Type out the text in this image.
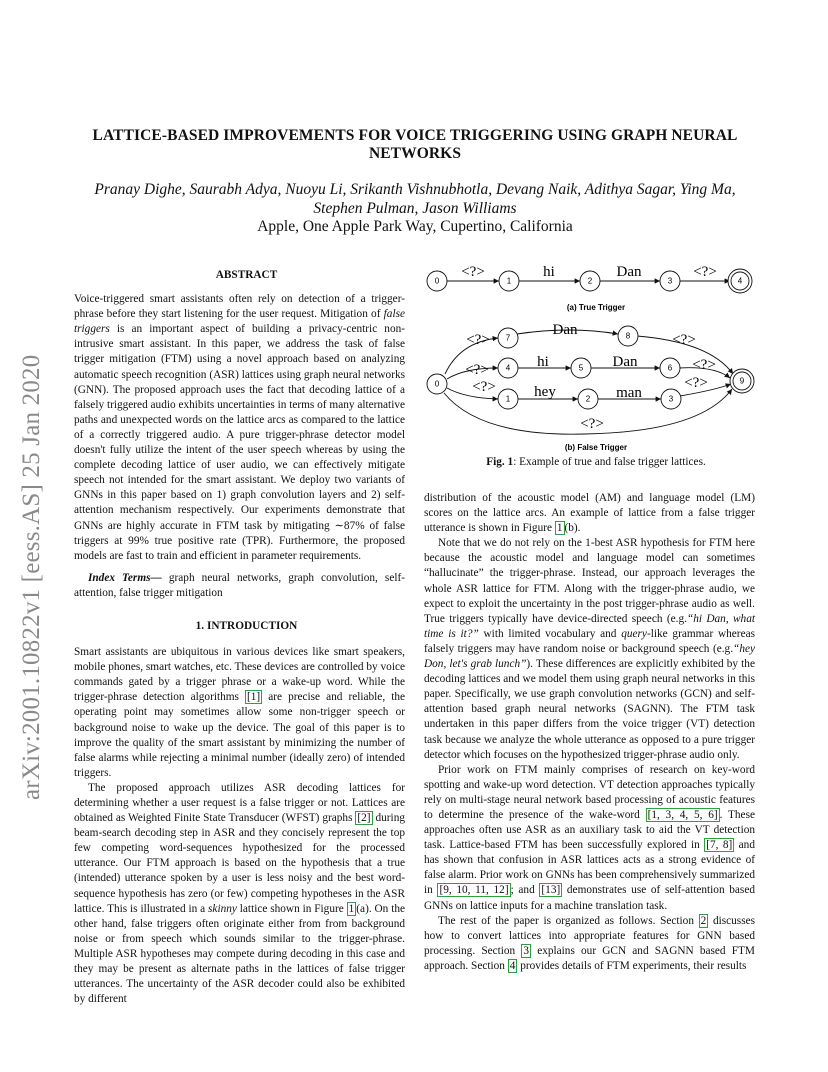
arXiv:2001.10822v1 [eess.AS] 25 Jan 2020
LATTICE-BASED IMPROVEMENTS FOR VOICE TRIGGERING USING GRAPH NEURAL NETWORKS
Pranay Dighe, Saurabh Adya, Nuoyu Li, Srikanth Vishnubhotla, Devang Naik, Adithya Sagar, Ying Ma, Stephen Pulman, Jason Williams
Apple, One Apple Park Way, Cupertino, California

ABSTRACT

Voice-triggered smart assistants often rely on detection of a trigger-phrase before they start listening for the user request. Mitigation of false triggers is an important aspect of building a privacy-centric non-intrusive smart assistant. In this paper, we address the task of false trigger mitigation (FTM) using a novel approach based on analyzing automatic speech recognition (ASR) lattices using graph neural networks (GNN). The proposed approach uses the fact that decoding lattice of a falsely triggered audio exhibits uncertainties in terms of many alternative paths and unexpected words on the lattice arcs as compared to the lattice of a correctly triggered audio. A pure trigger-phrase detector model doesn't fully utilize the intent of the user speech whereas by using the complete decoding lattice of user audio, we can effectively mitigate speech not intended for the smart assistant. We deploy two variants of GNNs in this paper based on 1) graph convolution layers and 2) self-attention mechanism respectively. Our experiments demonstrate that GNNs are highly accurate in FTM task by mitigating ∼87% of false triggers at 99% true positive rate (TPR). Furthermore, the proposed models are fast to train and efficient in parameter requirements.

Index Terms— graph neural networks, graph convolution, self-attention, false trigger mitigation

1. INTRODUCTION

Smart assistants are ubiquitous in various devices like smart speakers, mobile phones, smart watches, etc. These devices are controlled by voice commands gated by a trigger phrase or a wake-up word. While the trigger-phrase detection algorithms [1] are precise and reliable, the operating point may sometimes allow some non-trigger speech or background noise to wake up the device. The goal of this paper is to improve the quality of the smart assistant by minimizing the number of false alarms while rejecting a minimal number (ideally zero) of intended triggers.

The proposed approach utilizes ASR decoding lattices for determining whether a user request is a false trigger or not. Lattices are obtained as Weighted Finite State Transducer (WFST) graphs [2] during beam-search decoding step in ASR and they concisely represent the top few competing word-sequences hypothesized for the processed utterance. Our FTM approach is based on the hypothesis that a true (intended) utterance spoken by a user is less noisy and the best word-sequence hypothesis has zero (or few) competing hypotheses in the ASR lattice. This is illustrated in a skinny lattice shown in Figure 1 (a). On the other hand, false triggers often originate either from from background noise or from speech which sounds similar to the trigger-phrase. Multiple ASR hypotheses may compete during decoding in this case and they may be present as alternate paths in the lattices of false trigger utterances. The uncertainty of the ASR decoder could also be exhibited by different

<?>	hi	Dan	<?>
0	1	2	3	4
(a) True Trigger
<?>
Dan
<?>
<?>	hi	Dan	<?>
<?>	hey	man
<?>
<?>
0
7	8
4	5	6
1	2	3
9
(b) False Trigger
Fig. 1: Example of true and false trigger lattices.

distribution of the acoustic model (AM) and language model (LM) scores on the lattice arcs. An example of lattice from a false trigger utterance is shown in Figure 1 (b).

Note that we do not rely on the 1-best ASR hypothesis for FTM here because the acoustic model and language model can sometimes “hallucinate” the trigger-phrase. Instead, our approach leverages the whole ASR lattice for FTM. Along with the trigger-phrase audio, we expect to exploit the uncertainty in the post trigger-phrase audio as well. True triggers typically have device-directed speech (e.g.“hi Dan, what time is it?” with limited vocabulary and query-like grammar whereas falsely triggers may have random noise or background speech (e.g.“hey Don, let's grab lunch”). These differences are explicitly exhibited by the decoding lattices and we model them using graph neural networks in this paper. Specifically, we use graph convolution networks (GCN) and self-attention based graph neural networks (SAGNN). The FTM task undertaken in this paper differs from the voice trigger (VT) detection task because we analyze the whole utterance as opposed to a pure trigger detector which focuses on the hypothesized trigger-phrase audio only.

Prior work on FTM mainly comprises of research on key-word spotting and wake-up word detection. VT detection approaches typically rely on multi-stage neural network based processing of acoustic features to determine the presence of the wake-word [1, 3, 4, 5, 6] . These approaches often use ASR as an auxiliary task to aid the VT detection task. Lattice-based FTM has been successfully explored in [7, 8] and has shown that confusion in ASR lattices acts as a strong evidence of false alarm. Prior work on GNNs has been comprehensively summarized in [9, 10, 11, 12] ; and [13] demonstrates use of self-attention based GNNs on lattice inputs for a machine translation task.

The rest of the paper is organized as follows. Section 2 discusses how to convert lattices into appropriate features for GNN based processing. Section 3 explains our GCN and SAGNN based FTM approach. Section 4 provides details of FTM experiments, their results
